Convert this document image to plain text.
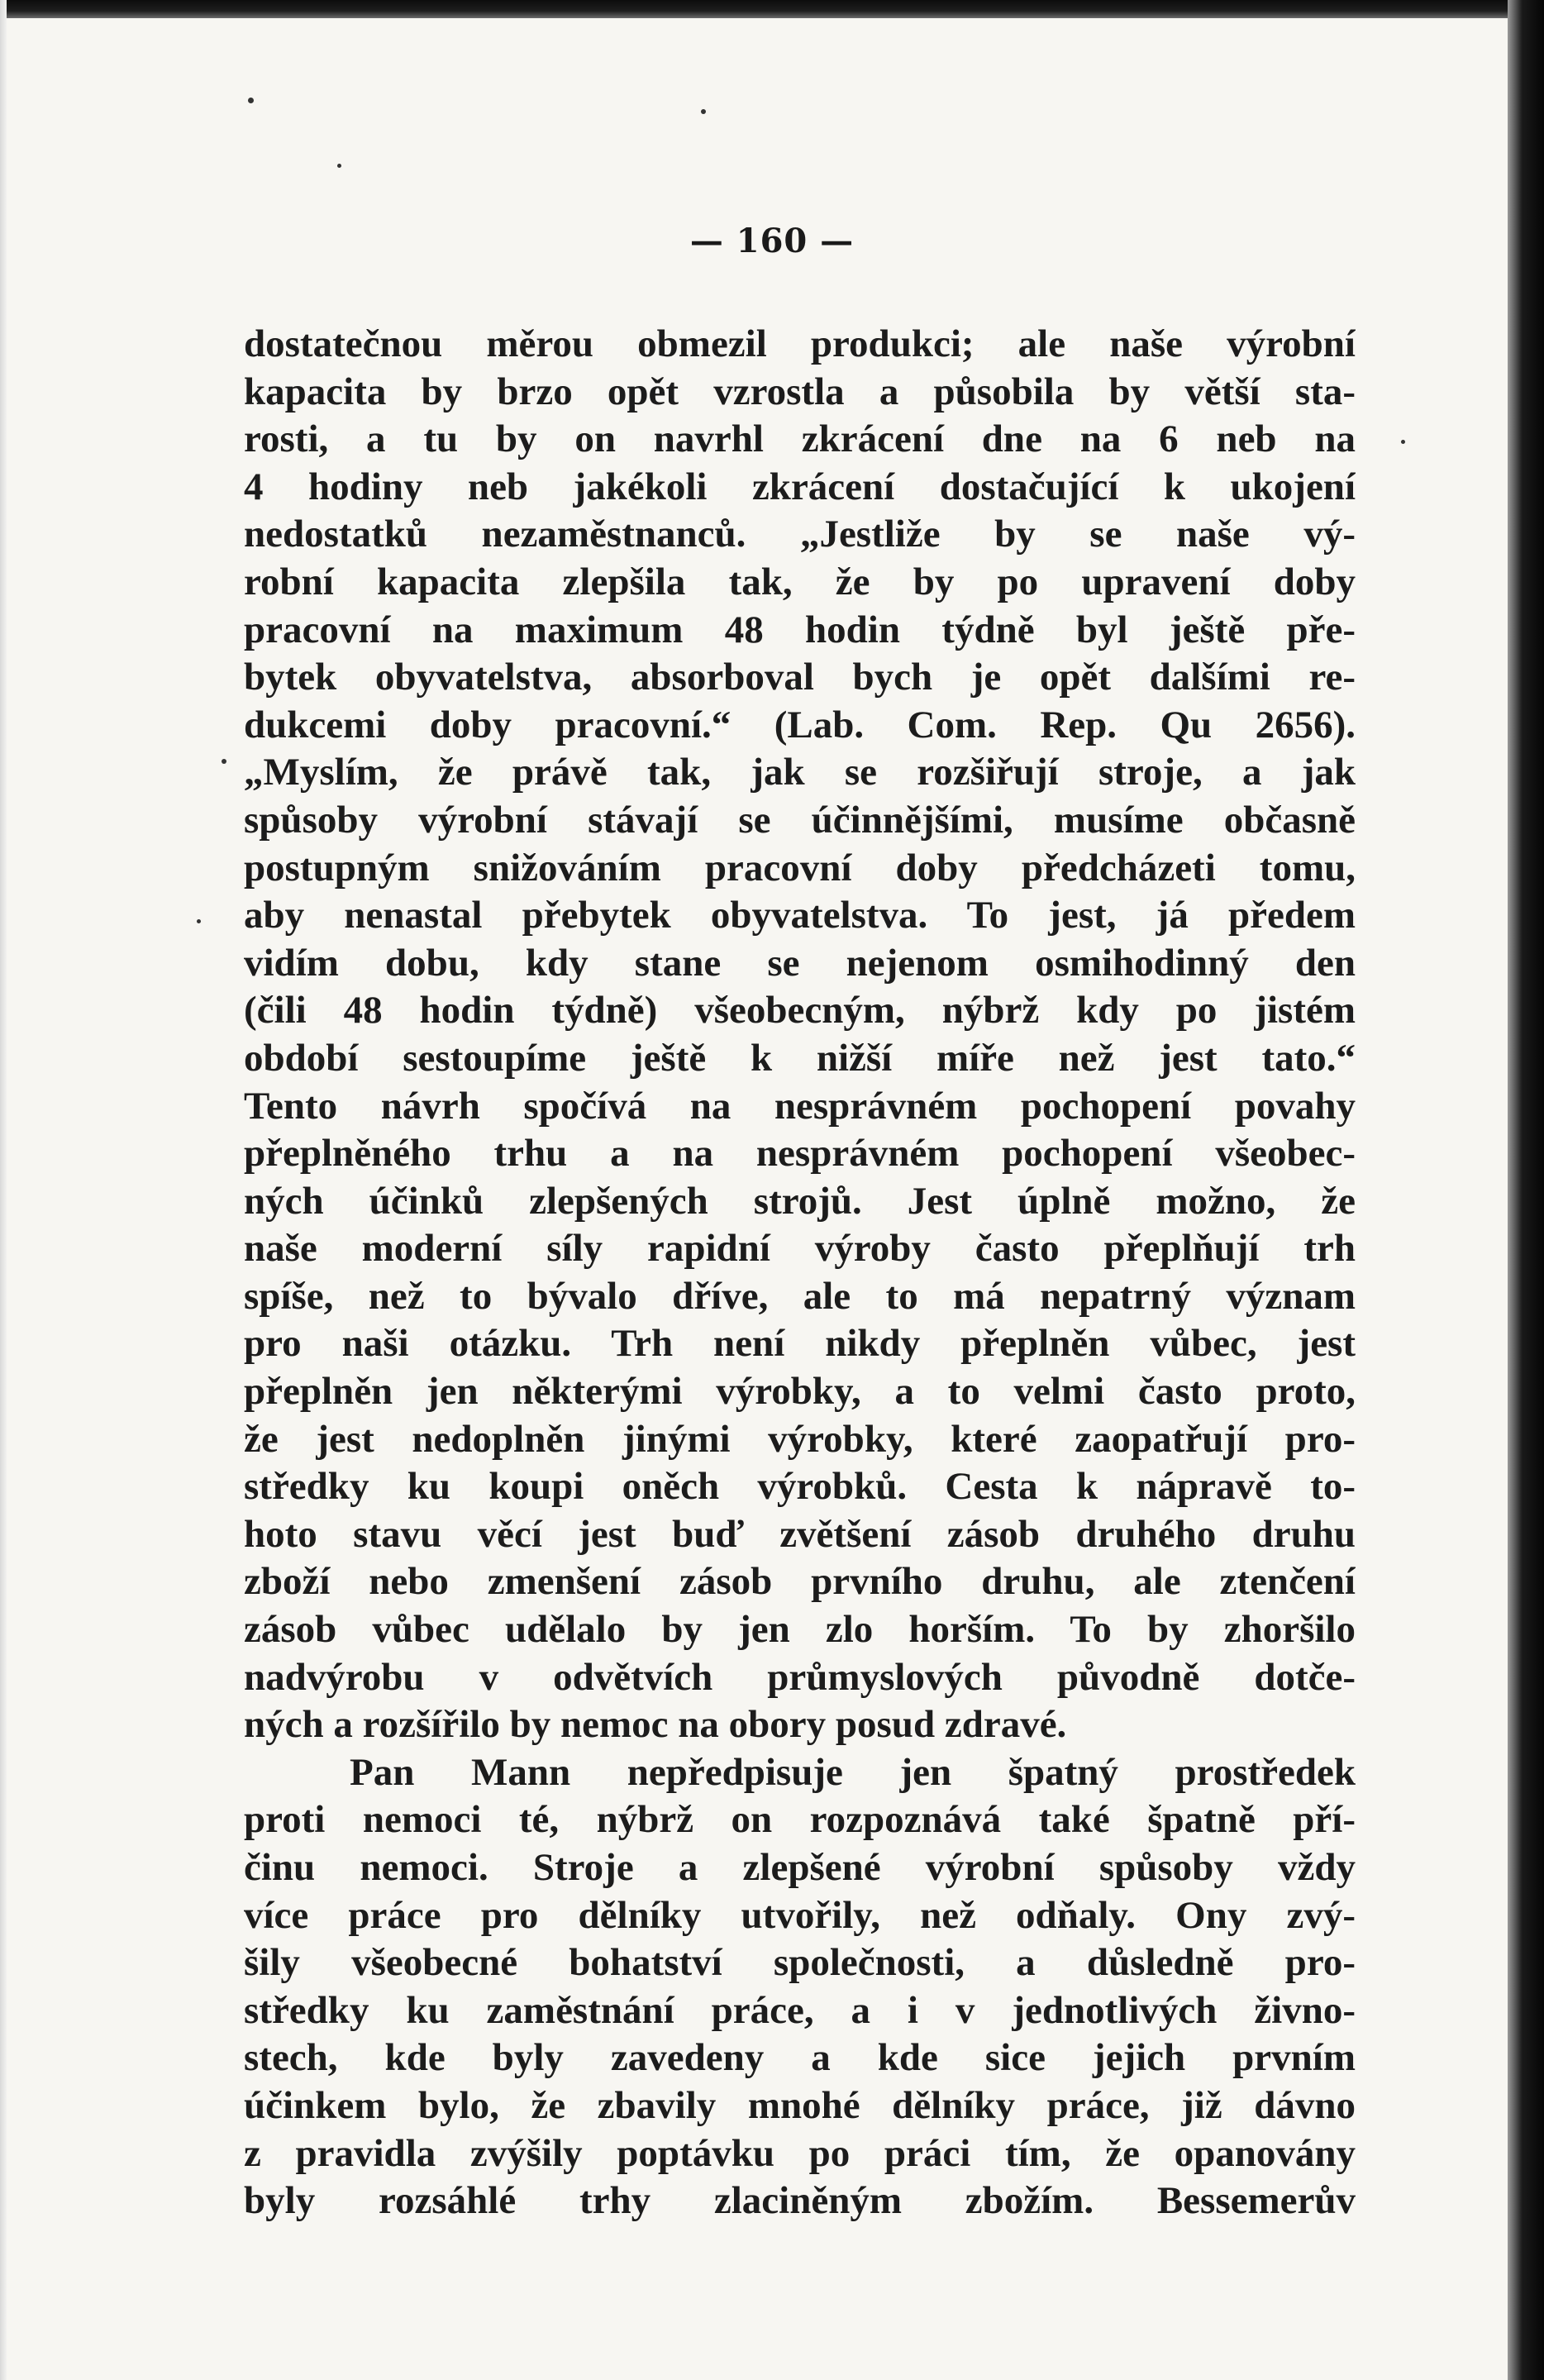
— 160 —
dostatečnou měrou obmezil produkci; ale naše výrobní
kapacita by brzo opět vzrostla a působila by větší sta-
rosti, a tu by on navrhl zkrácení dne na 6 neb na
4 hodiny neb jakékoli zkrácení dostačující k ukojení
nedostatků nezaměstnanců. „Jestliže by se naše vý-
robní kapacita zlepšila tak, že by po upravení doby
pracovní na maximum 48 hodin týdně byl ještě pře-
bytek obyvatelstva, absorboval bych je opět dalšími re-
dukcemi doby pracovní.“ (Lab. Com. Rep. Qu 2656).
„Myslím, že právě tak, jak se rozšiřují stroje, a jak
spůsoby výrobní stávají se účinnějšími, musíme občasně
postupným snižováním pracovní doby předcházeti tomu,
aby nenastal přebytek obyvatelstva. To jest, já předem
vidím dobu, kdy stane se nejenom osmihodinný den
(čili 48 hodin týdně) všeobecným, nýbrž kdy po jistém
období sestoupíme ještě k nižší míře než jest tato.“
Tento návrh spočívá na nesprávném pochopení povahy
přeplněného trhu a na nesprávném pochopení všeobec-
ných účinků zlepšených strojů. Jest úplně možno, že
naše moderní síly rapidní výroby často přeplňují trh
spíše, než to bývalo dříve, ale to má nepatrný význam
pro naši otázku. Trh není nikdy přeplněn vůbec, jest
přeplněn jen některými výrobky, a to velmi často proto,
že jest nedoplněn jinými výrobky, které zaopatřují pro-
středky ku koupi oněch výrobků. Cesta k nápravě to-
hoto stavu věcí jest buď zvětšení zásob druhého druhu
zboží nebo zmenšení zásob prvního druhu, ale ztenčení
zásob vůbec udělalo by jen zlo horším. To by zhoršilo
nadvýrobu v odvětvích průmyslových původně dotče-
ných a rozšířilo by nemoc na obory posud zdravé.
Pan Mann nepředpisuje jen špatný prostředek
proti nemoci té, nýbrž on rozpoznává také špatně pří-
činu nemoci. Stroje a zlepšené výrobní spůsoby vždy
více práce pro dělníky utvořily, než odňaly. Ony zvý-
šily všeobecné bohatství společnosti, a důsledně pro-
středky ku zaměstnání práce, a i v jednotlivých živno-
stech, kde byly zavedeny a kde sice jejich prvním
účinkem bylo, že zbavily mnohé dělníky práce, již dávno
z pravidla zvýšily poptávku po práci tím, že opanovány
byly rozsáhlé trhy zlaciněným zbožím. Bessemerův
